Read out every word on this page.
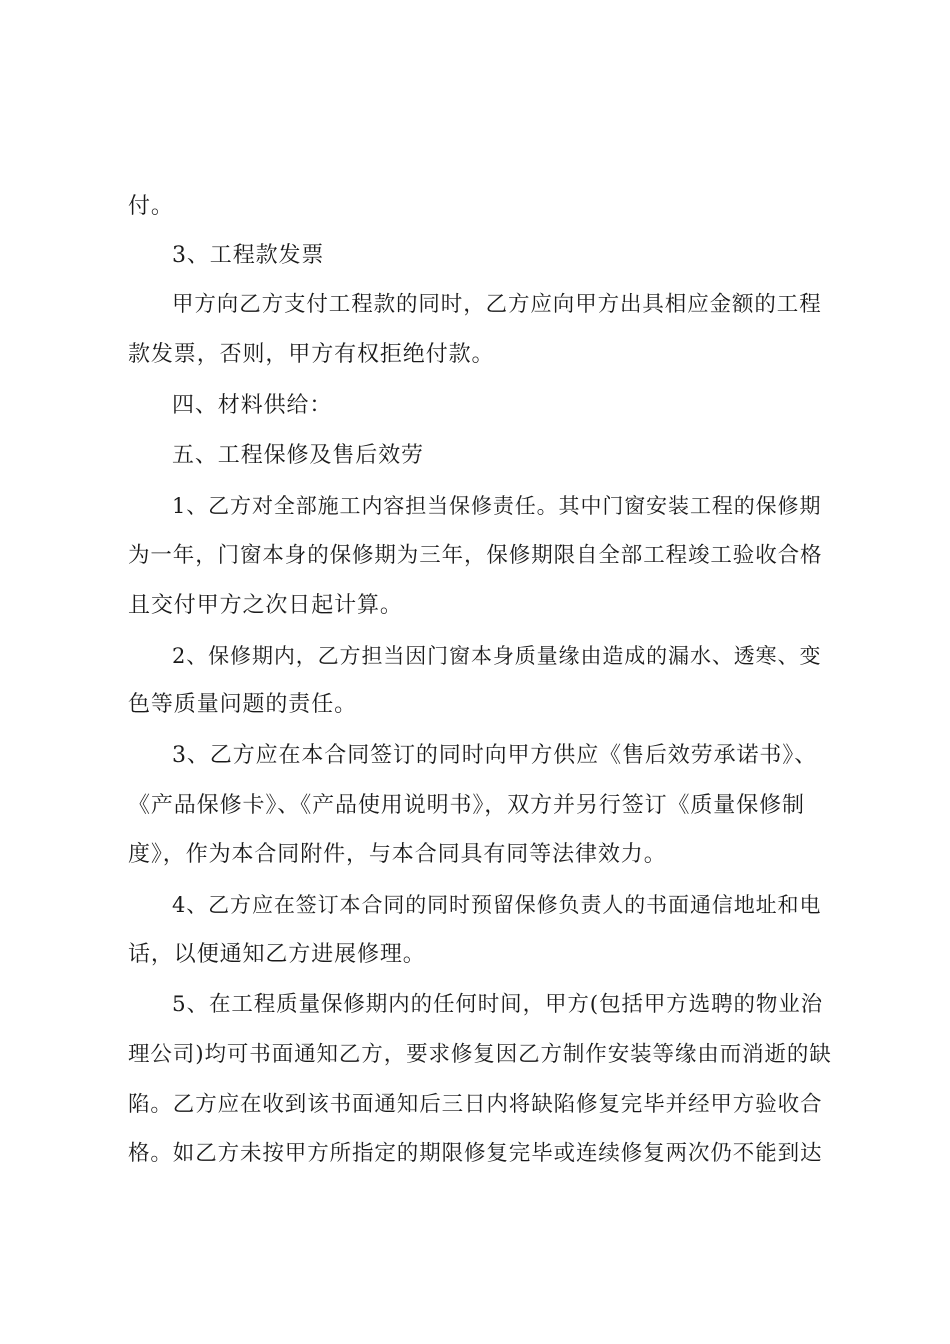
付。
3、工程款发票
甲方向乙方支付工程款的同时，乙方应向甲方出具相应金额的工程
款发票，否则，甲方有权拒绝付款。
四、材料供给：
五、工程保修及售后效劳
1、乙方对全部施工内容担当保修责任。其中门窗安装工程的保修期
为一年，门窗本身的保修期为三年，保修期限自全部工程竣工验收合格
且交付甲方之次日起计算。
2、保修期内，乙方担当因门窗本身质量缘由造成的漏水、透寒、变
色等质量问题的责任。
3、乙方应在本合同签订的同时向甲方供应《售后效劳承诺书》、
《产品保修卡》、《产品使用说明书》，双方并另行签订《质量保修制
度》，作为本合同附件，与本合同具有同等法律效力。
4、乙方应在签订本合同的同时预留保修负责人的书面通信地址和电
话，以便通知乙方进展修理。
5、在工程质量保修期内的任何时间，甲方(包括甲方选聘的物业治
理公司)均可书面通知乙方，要求修复因乙方制作安装等缘由而消逝的缺
陷。乙方应在收到该书面通知后三日内将缺陷修复完毕并经甲方验收合
格。如乙方未按甲方所指定的期限修复完毕或连续修复两次仍不能到达
